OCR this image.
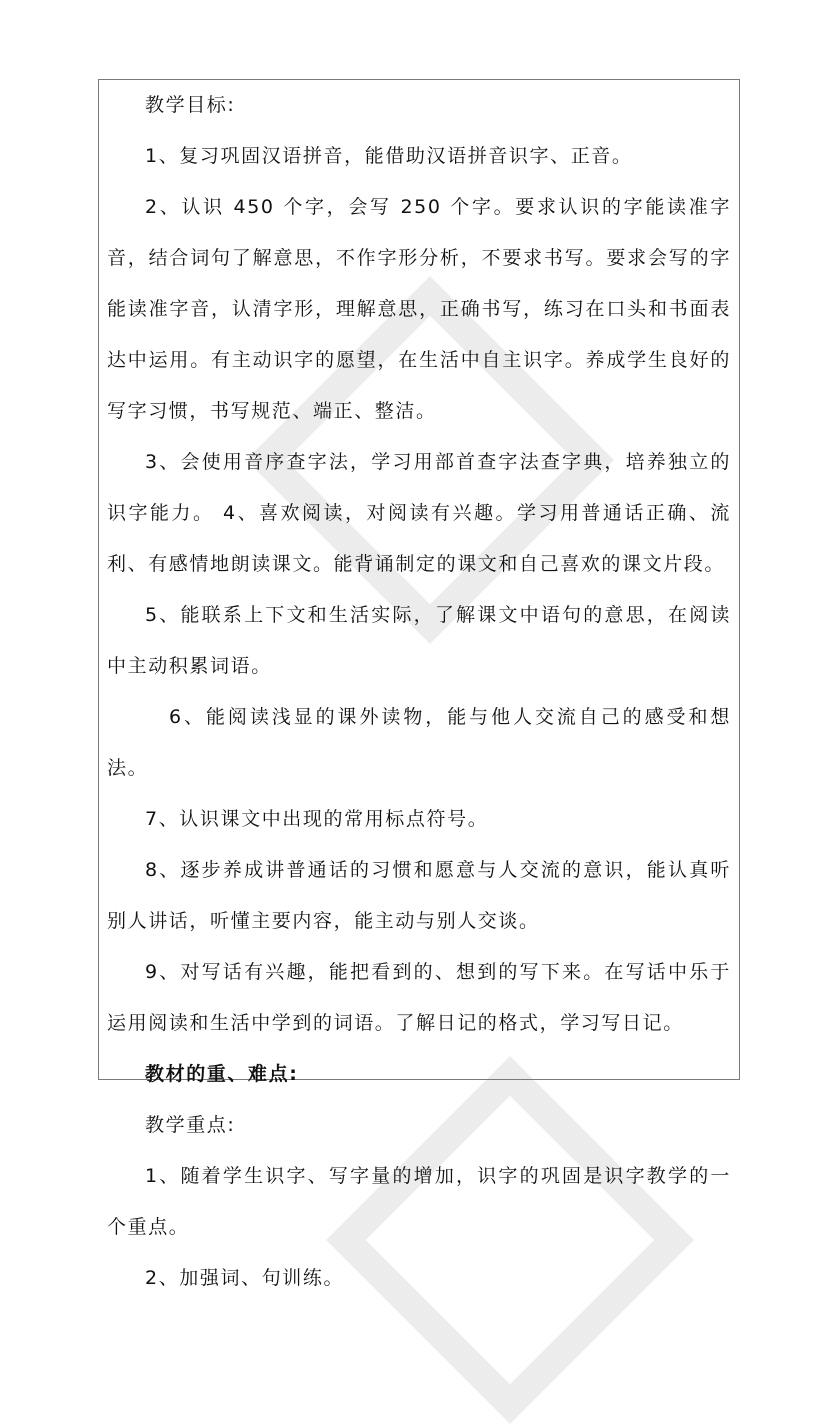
教学目标:

1、复习巩固汉语拼音，能借助汉语拼音识字、正音。

2、认识 450 个字，会写 250 个字。要求认识的字能读准字音，结合词句了解意思，不作字形分析，不要求书写。要求会写的字能读准字音，认清字形，理解意思，正确书写，练习在口头和书面表达中运用。有主动识字的愿望，在生活中自主识字。养成学生良好的写字习惯，书写规范、端正、整洁。

3、会使用音序查字法，学习用部首查字法查字典，培养独立的识字能力。 4、喜欢阅读，对阅读有兴趣。学习用普通话正确、流利、有感情地朗读课文。能背诵制定的课文和自己喜欢的课文片段。

5、能联系上下文和生活实际，了解课文中语句的意思，在阅读中主动积累词语。

6、能阅读浅显的课外读物，能与他人交流自己的感受和想法。

7、认识课文中出现的常用标点符号。

8、逐步养成讲普通话的习惯和愿意与人交流的意识，能认真听别人讲话，听懂主要内容，能主动与别人交谈。

9、对写话有兴趣，能把看到的、想到的写下来。在写话中乐于运用阅读和生活中学到的词语。了解日记的格式，学习写日记。

教材的重、难点:

教学重点:

1、随着学生识字、写字量的增加，识字的巩固是识字教学的一个重点。

2、加强词、句训练。
